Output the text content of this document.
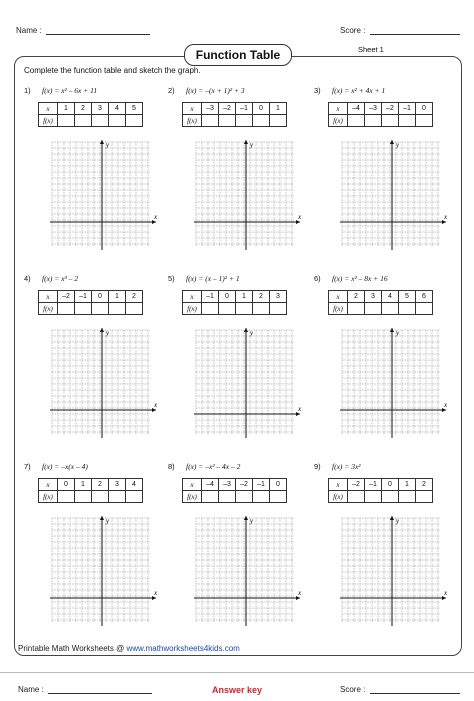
Name :	Score :
Function Table	Sheet 1
Complete the function table and sketch the graph.
1) f(x) = x² – 6x + 11
x	1	2	3	4	5
f(x)					
x
y
2) f(x) = –(x + 1)² + 3
x	–3	–2	–1	0	1
f(x)					
x
y
3) f(x) = x² + 4x + 1
x	–4	–3	–2	–1	0
f(x)					
x
y
4) f(x) = x³ – 2
x	–2	–1	0	1	2
f(x)					
x
y
5) f(x) = (x – 1)² + 1
x	–1	0	1	2	3
f(x)					
x
y
6) f(x) = x² – 8x + 16
x	2	3	4	5	6
f(x)					
x
y
7) f(x) = –x(x – 4)
x	0	1	2	3	4
f(x)					
x
y
8) f(x) = –x² – 4x – 2
x	–4	–3	–2	–1	0
f(x)					
x
y
9) f(x) = 3x²
x	–2	–1	0	1	2
f(x)					
x
y
Printable Math Worksheets @ www.mathworksheets4kids.com
Name :	Score :
Answer key
